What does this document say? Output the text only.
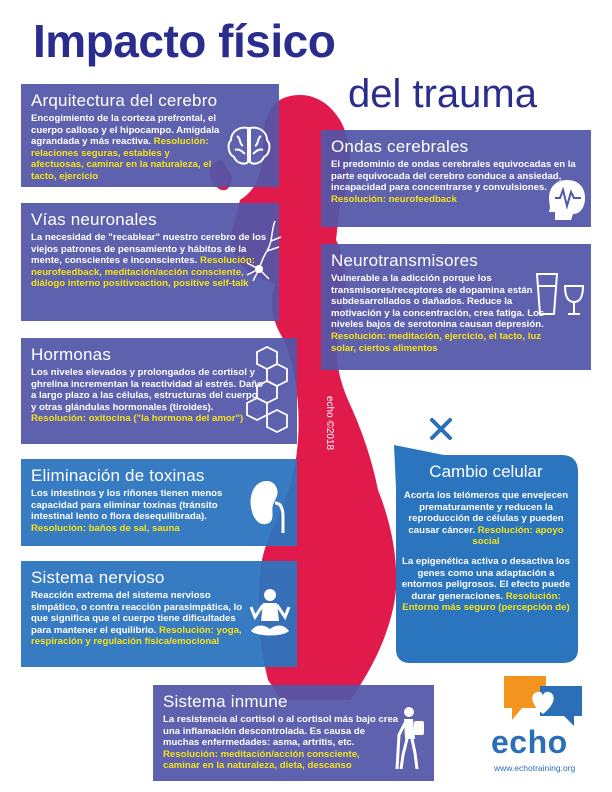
Impacto físico
del trauma
Arquitectura del cerebro

Encogimiento de la corteza prefrontal, el cuerpo calloso y el hipocampo. Amígdala agrandada y más reactiva. Resolución: relaciones seguras, estables y afectuosas, caminar en la naturaleza, el tacto, ejercicio

Vías neuronales

La necesidad de "recablear" nuestro cerebro de los viejos patrones de pensamiento y hábitos de la mente, conscientes e inconscientes. Resolución: neurofeedback, meditación/acción consciente, diálogo interno positivoaction, positive self-talk

Hormonas

Los niveles elevados y prolongados de cortisol y ghrelina incrementan la reactividad al estrés. Daño a largo plazo a las células, estructuras del cuerpo y otras glándulas hormonales (tiroides). Resolución: oxitocina ("la hormona del amor")

Eliminación de toxinas

Los intestinos y los riñones tienen menos capacidad para eliminar toxinas (tránsito intestinal lento o flora desequilibrada). Resolución: baños de sal, sauna

Sistema nervioso

Reacción extrema del sistema nervioso simpático, o contra reacción parasimpática, lo que significa que el cuerpo tiene dificultades para mantener el equilibrio. Resolución: yoga, respiración y regulación física/emocional

Sistema inmune

La resistencia al cortisol o al cortisol más bajo crea una inflamación descontrolada. Es causa de muchas enfermedades: asma, artritis, etc. Resolución: meditación/acción consciente, caminar en la naturaleza, dieta, descanso

Ondas cerebrales

El predominio de ondas cerebrales equivocadas en la parte equivocada del cerebro conduce a ansiedad, incapacidad para concentrarse y convulsiones. Resolución: neurofeedback

Neurotransmisores

Vulnerable a la adicción porque los transmisores/receptores de dopamina están subdesarrollados o dañados. Reduce la motivación y la concentración, crea fatiga. Los niveles bajos de serotonina causan depresión. Resolución: meditación, ejercicio, el tacto, luz solar, ciertos alimentos

Cambio celular

Acorta los telómeros que envejecen prematuramente y reducen la reproducción de células y pueden causar cáncer. Resolución: apoyo social

La epigenética activa o desactiva los genes como una adaptación a entornos peligrosos. El efecto puede durar generaciones. Resolución: Entorno más seguro (percepción de)

echo ©2018
echo
www.echotraining.org
